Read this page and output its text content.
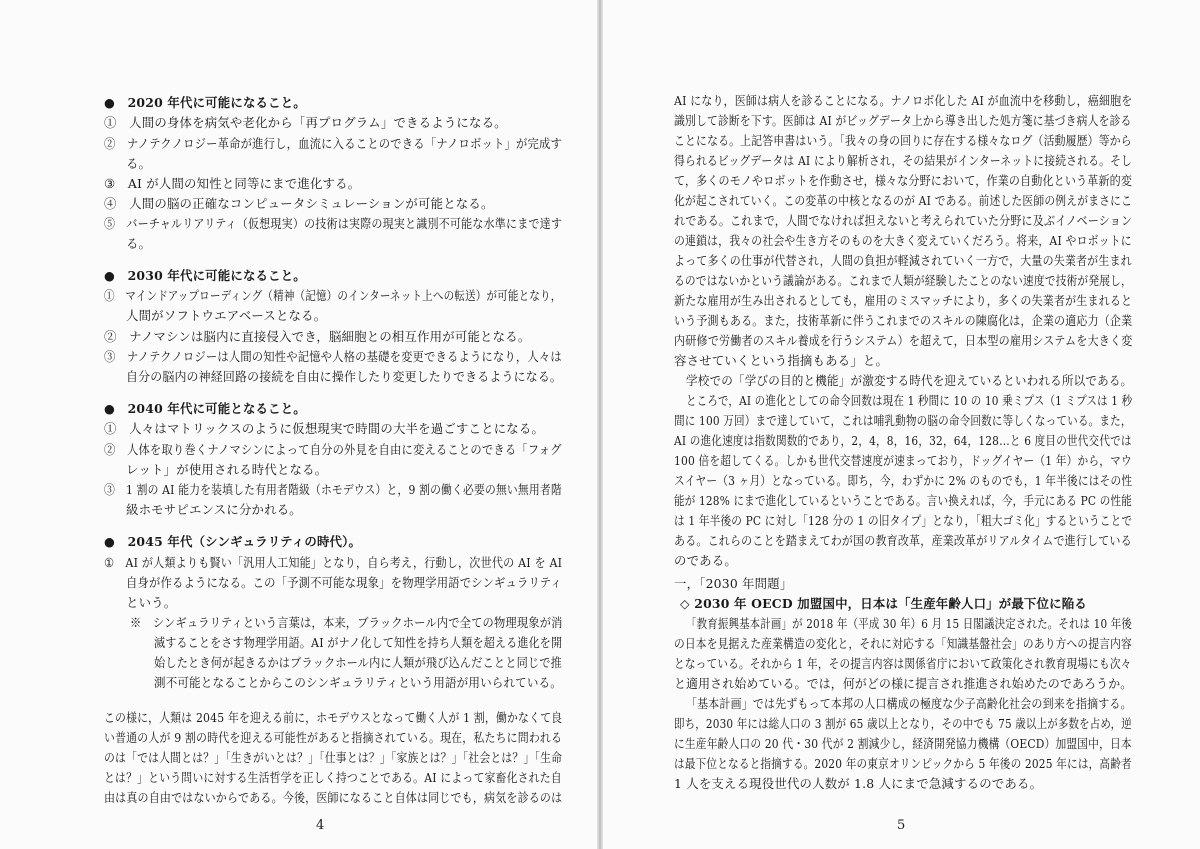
●　2020 年代に可能になること。
①　人間の身体を病気や老化から「再プログラム」できるようになる。
②　ナノテクノロジー革命が進行し，血流に入ることのできる「ナノロボット」が完成す
る。
③　AI が人間の知性と同等にまで進化する。
④　人間の脳の正確なコンピュータシミュレーションが可能となる。
⑤　バーチャルリアリティ（仮想現実）の技術は実際の現実と識別不可能な水準にまで達す
る。
●　2030 年代に可能になること。
①　マインドアップローディング（精神（記憶）のインターネット上への転送）が可能となり，
人間がソフトウエアベースとなる。
②　ナノマシンは脳内に直接侵入でき，脳細胞との相互作用が可能となる。
③　ナノテクノロジーは人間の知性や記憶や人格の基礎を変更できるようになり，人々は
自分の脳内の神経回路の接続を自由に操作したり変更したりできるようになる。
●　2040 年代に可能となること。
①　人々はマトリックスのように仮想現実で時間の大半を過ごすことになる。
②　人体を取り巻くナノマシンによって自分の外見を自由に変えることのできる「フォグ
レット」が使用される時代となる。
③　1 割の AI 能力を装填した有用者階級（ホモデウス）と，9 割の働く必要の無い無用者階
級ホモサピエンスに分かれる。
●　2045 年代（シンギュラリティの時代）。
①　AI が人類よりも賢い「汎用人工知能」となり，自ら考え，行動し，次世代の AI を AI
自身が作るようになる。この「予測不可能な現象」を物理学用語でシンギュラリティ
という。
※　シンギュラリティという言葉は，本来，ブラックホール内で全ての物理現象が消
滅することをさす物理学用語。AI がナノ化して知性を持ち人類を超える進化を開
始したとき何が起きるかはブラックホール内に人類が飛び込んだことと同じで推
測不可能となることからこのシンギュラリティという用語が用いられている。
この様に，人類は 2045 年を迎える前に，ホモデウスとなって働く人が 1 割，働かなくて良
い普通の人が 9 割の時代を迎える可能性があると指摘されている。現在，私たちに問われる
のは「では人間とは？」「生きがいとは？」「仕事とは？」「家族とは？」「社会とは？」「生命
とは？」という問いに対する生活哲学を正しく持つことである。AI によって家畜化された自
由は真の自由ではないからである。今後，医師になること自体は同じでも，病気を診るのは
AI になり，医師は病人を診ることになる。ナノロボ化した AI が血流中を移動し，癌細胞を
識別して診断を下す。医師は AI がビッグデータ上から導き出した処方箋に基づき病人を診る
ことになる。上記答申書はいう。「我々の身の回りに存在する様々なログ（活動履歴）等から
得られるビッグデータは AI により解析され，その結果がインターネットに接続される。そし
て，多くのモノやロボットを作動させ，様々な分野において，作業の自動化という革新的変
化が起こされていく。この変革の中核となるのが AI である。前述した医師の例えがまさにこ
れである。これまで，人間でなければ担えないと考えられていた分野に及ぶイノベーション
の連鎖は，我々の社会や生き方そのものを大きく変えていくだろう。将来，AI やロボットに
よって多くの仕事が代替され，人間の負担が軽減されていく一方で，大量の失業者が生まれ
るのではないかという議論がある。これまで人類が経験したことのない速度で技術が発展し，
新たな雇用が生み出されるとしても，雇用のミスマッチにより，多くの失業者が生まれると
いう予測もある。また，技術革新に伴うこれまでのスキルの陳腐化は，企業の適応力（企業
内研修で労働者のスキル養成を行うシステム）を超えて，日本型の雇用システムを大きく変
容させていくという指摘もある」と。
学校での「学びの目的と機能」が激変する時代を迎えているといわれる所以である。
ところで，AI の進化としての命令回数は現在 1 秒間に 10 の 10 乗ミプス（1 ミプスは 1 秒
間に 100 万回）まで達していて，これは哺乳動物の脳の命令回数に等しくなっている。また，
AI の進化速度は指数関数的であり，2，4，8，16，32，64，128…と 6 度目の世代交代では
100 倍を超してくる。しかも世代交替速度が速まっており，ドッグイヤー（1 年）から，マウ
スイヤー（3 ヶ月）となっている。即ち，今，わずかに 2% のものでも，1 年半後にはその性
能が 128% にまで進化しているということである。言い換えれば，今，手元にある PC の性能
は 1 年半後の PC に対し「128 分の 1 の旧タイプ」となり，「粗大ゴミ化」するということで
ある。これらのことを踏まえてわが国の教育改革，産業改革がリアルタイムで進行している
のである。
一，「2030 年問題」
◇ 2030 年 OECD 加盟国中，日本は「生産年齢人口」が最下位に陥る
「教育振興基本計画」が 2018 年（平成 30 年）6 月 15 日閣議決定された。それは 10 年後
の日本を見据えた産業構造の変化と，それに対応する「知識基盤社会」のあり方への提言内容
となっている。それから 1 年，その提言内容は関係省庁において政策化され教育現場にも次々
と適用され始めている。では，何がどの様に提言され推進され始めたのであろうか。
「基本計画」では先ずもって本邦の人口構成の極度な少子高齢化社会の到来を指摘する。
即ち，2030 年には総人口の 3 割が 65 歳以上となり，その中でも 75 歳以上が多数を占め，逆
に生産年齢人口の 20 代・30 代が 2 割減少し，経済開発協力機構（OECD）加盟国中，日本
は最下位となると指摘する。2020 年の東京オリンピックから 5 年後の 2025 年には，高齢者
1 人を支える現役世代の人数が 1.8 人にまで急減するのである。
4	5
